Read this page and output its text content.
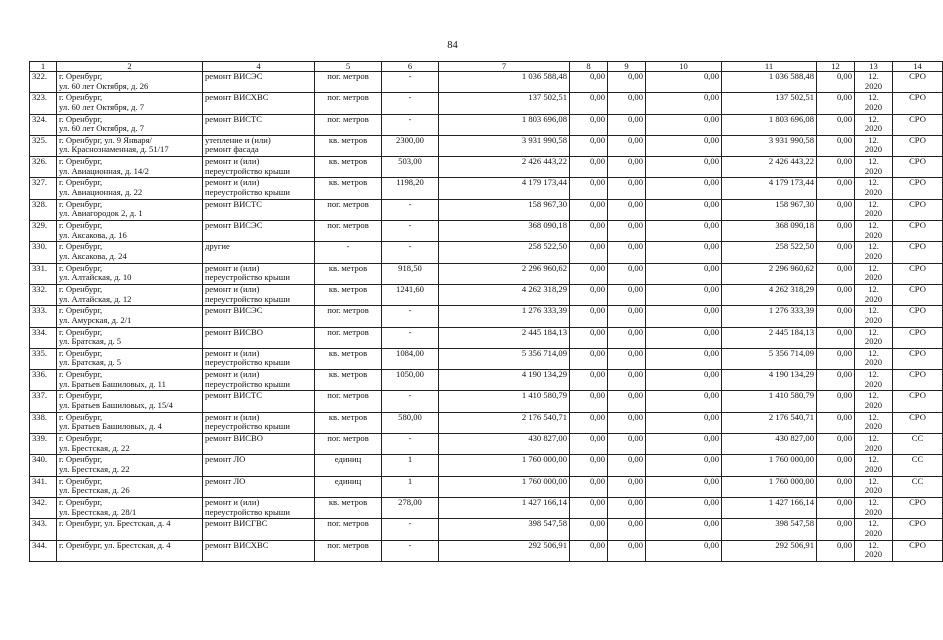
84
1	2	4	5	6	7	8	9	10	11	12	13	14
322.	г. Оренбург,
ул. 60 лет Октября, д. 26	ремонт ВИСЭС	пог. метров	-	1 036 588,48	0,00	0,00	0,00	1 036 588,48	0,00	12.
2020	СРО
323.	г. Оренбург,
ул. 60 лет Октября, д. 7	ремонт ВИСХВС	пог. метров	-	137 502,51	0,00	0,00	0,00	137 502,51	0,00	12.
2020	СРО
324.	г. Оренбург,
ул. 60 лет Октября, д. 7	ремонт ВИСТС	пог. метров	-	1 803 696,08	0,00	0,00	0,00	1 803 696,08	0,00	12.
2020	СРО
325.	г. Оренбург, ул. 9 Января/
ул. Краснознаменная, д. 51/17	утепление и (или)
ремонт фасада	кв. метров	2300,00	3 931 990,58	0,00	0,00	0,00	3 931 990,58	0,00	12.
2020	СРО
326.	г. Оренбург,
ул. Авиационная, д. 14/2	ремонт и (или)
переустройство крыши	кв. метров	503,00	2 426 443,22	0,00	0,00	0,00	2 426 443,22	0,00	12.
2020	СРО
327.	г. Оренбург,
ул. Авиационная, д. 22	ремонт и (или)
переустройство крыши	кв. метров	1198,20	4 179 173,44	0,00	0,00	0,00	4 179 173,44	0,00	12.
2020	СРО
328.	г. Оренбург,
ул. Авиагородок 2, д. 1	ремонт ВИСТС	пог. метров	-	158 967,30	0,00	0,00	0,00	158 967,30	0,00	12.
2020	СРО
329.	г. Оренбург,
ул. Аксакова, д. 16	ремонт ВИСЭС	пог. метров	-	368 090,18	0,00	0,00	0,00	368 090,18	0,00	12.
2020	СРО
330.	г. Оренбург,
ул. Аксакова, д. 24	другие	-	-	258 522,50	0,00	0,00	0,00	258 522,50	0,00	12.
2020	СРО
331.	г. Оренбург,
ул. Алтайская, д. 10	ремонт и (или)
переустройство крыши	кв. метров	918,50	2 296 960,62	0,00	0,00	0,00	2 296 960,62	0,00	12.
2020	СРО
332.	г. Оренбург,
ул. Алтайская, д. 12	ремонт и (или)
переустройство крыши	кв. метров	1241,60	4 262 318,29	0,00	0,00	0,00	4 262 318,29	0,00	12.
2020	СРО
333.	г. Оренбург,
ул. Амурская, д. 2/1	ремонт ВИСЭС	пог. метров	-	1 276 333,39	0,00	0,00	0,00	1 276 333,39	0,00	12.
2020	СРО
334.	г. Оренбург,
ул. Братская, д. 5	ремонт ВИСВО	пог. метров	-	2 445 184,13	0,00	0,00	0,00	2 445 184,13	0,00	12.
2020	СРО
335.	г. Оренбург,
ул. Братская, д. 5	ремонт и (или)
переустройство крыши	кв. метров	1084,00	5 356 714,09	0,00	0,00	0,00	5 356 714,09	0,00	12.
2020	СРО
336.	г. Оренбург,
ул. Братьев Башиловых, д. 11	ремонт и (или)
переустройство крыши	кв. метров	1050,00	4 190 134,29	0,00	0,00	0,00	4 190 134,29	0,00	12.
2020	СРО
337.	г. Оренбург,
ул. Братьев Башиловых, д. 15/4	ремонт ВИСТС	пог. метров	-	1 410 580,79	0,00	0,00	0,00	1 410 580,79	0,00	12.
2020	СРО
338.	г. Оренбург,
ул. Братьев Башиловых, д. 4	ремонт и (или)
переустройство крыши	кв. метров	580,00	2 176 540,71	0,00	0,00	0,00	2 176 540,71	0,00	12.
2020	СРО
339.	г. Оренбург,
ул. Брестская, д. 22	ремонт ВИСВО	пог. метров	-	430 827,00	0,00	0,00	0,00	430 827,00	0,00	12.
2020	СС
340.	г. Оренбург,
ул. Брестская, д. 22	ремонт ЛО	единиц	1	1 760 000,00	0,00	0,00	0,00	1 760 000,00	0,00	12.
2020	СС
341.	г. Оренбург,
ул. Брестская, д. 26	ремонт ЛО	единиц	1	1 760 000,00	0,00	0,00	0,00	1 760 000,00	0,00	12.
2020	СС
342.	г. Оренбург,
ул. Брестская, д. 28/1	ремонт и (или)
переустройство крыши	кв. метров	278,00	1 427 166,14	0,00	0,00	0,00	1 427 166,14	0,00	12.
2020	СРО
343.	г. Оренбург, ул. Брестская, д. 4	ремонт ВИСГВС	пог. метров	-	398 547,58	0,00	0,00	0,00	398 547,58	0,00	12.
2020	СРО
344.	г. Оренбург, ул. Брестская, д. 4	ремонт ВИСХВС	пог. метров	-	292 506,91	0,00	0,00	0,00	292 506,91	0,00	12.
2020	СРО
